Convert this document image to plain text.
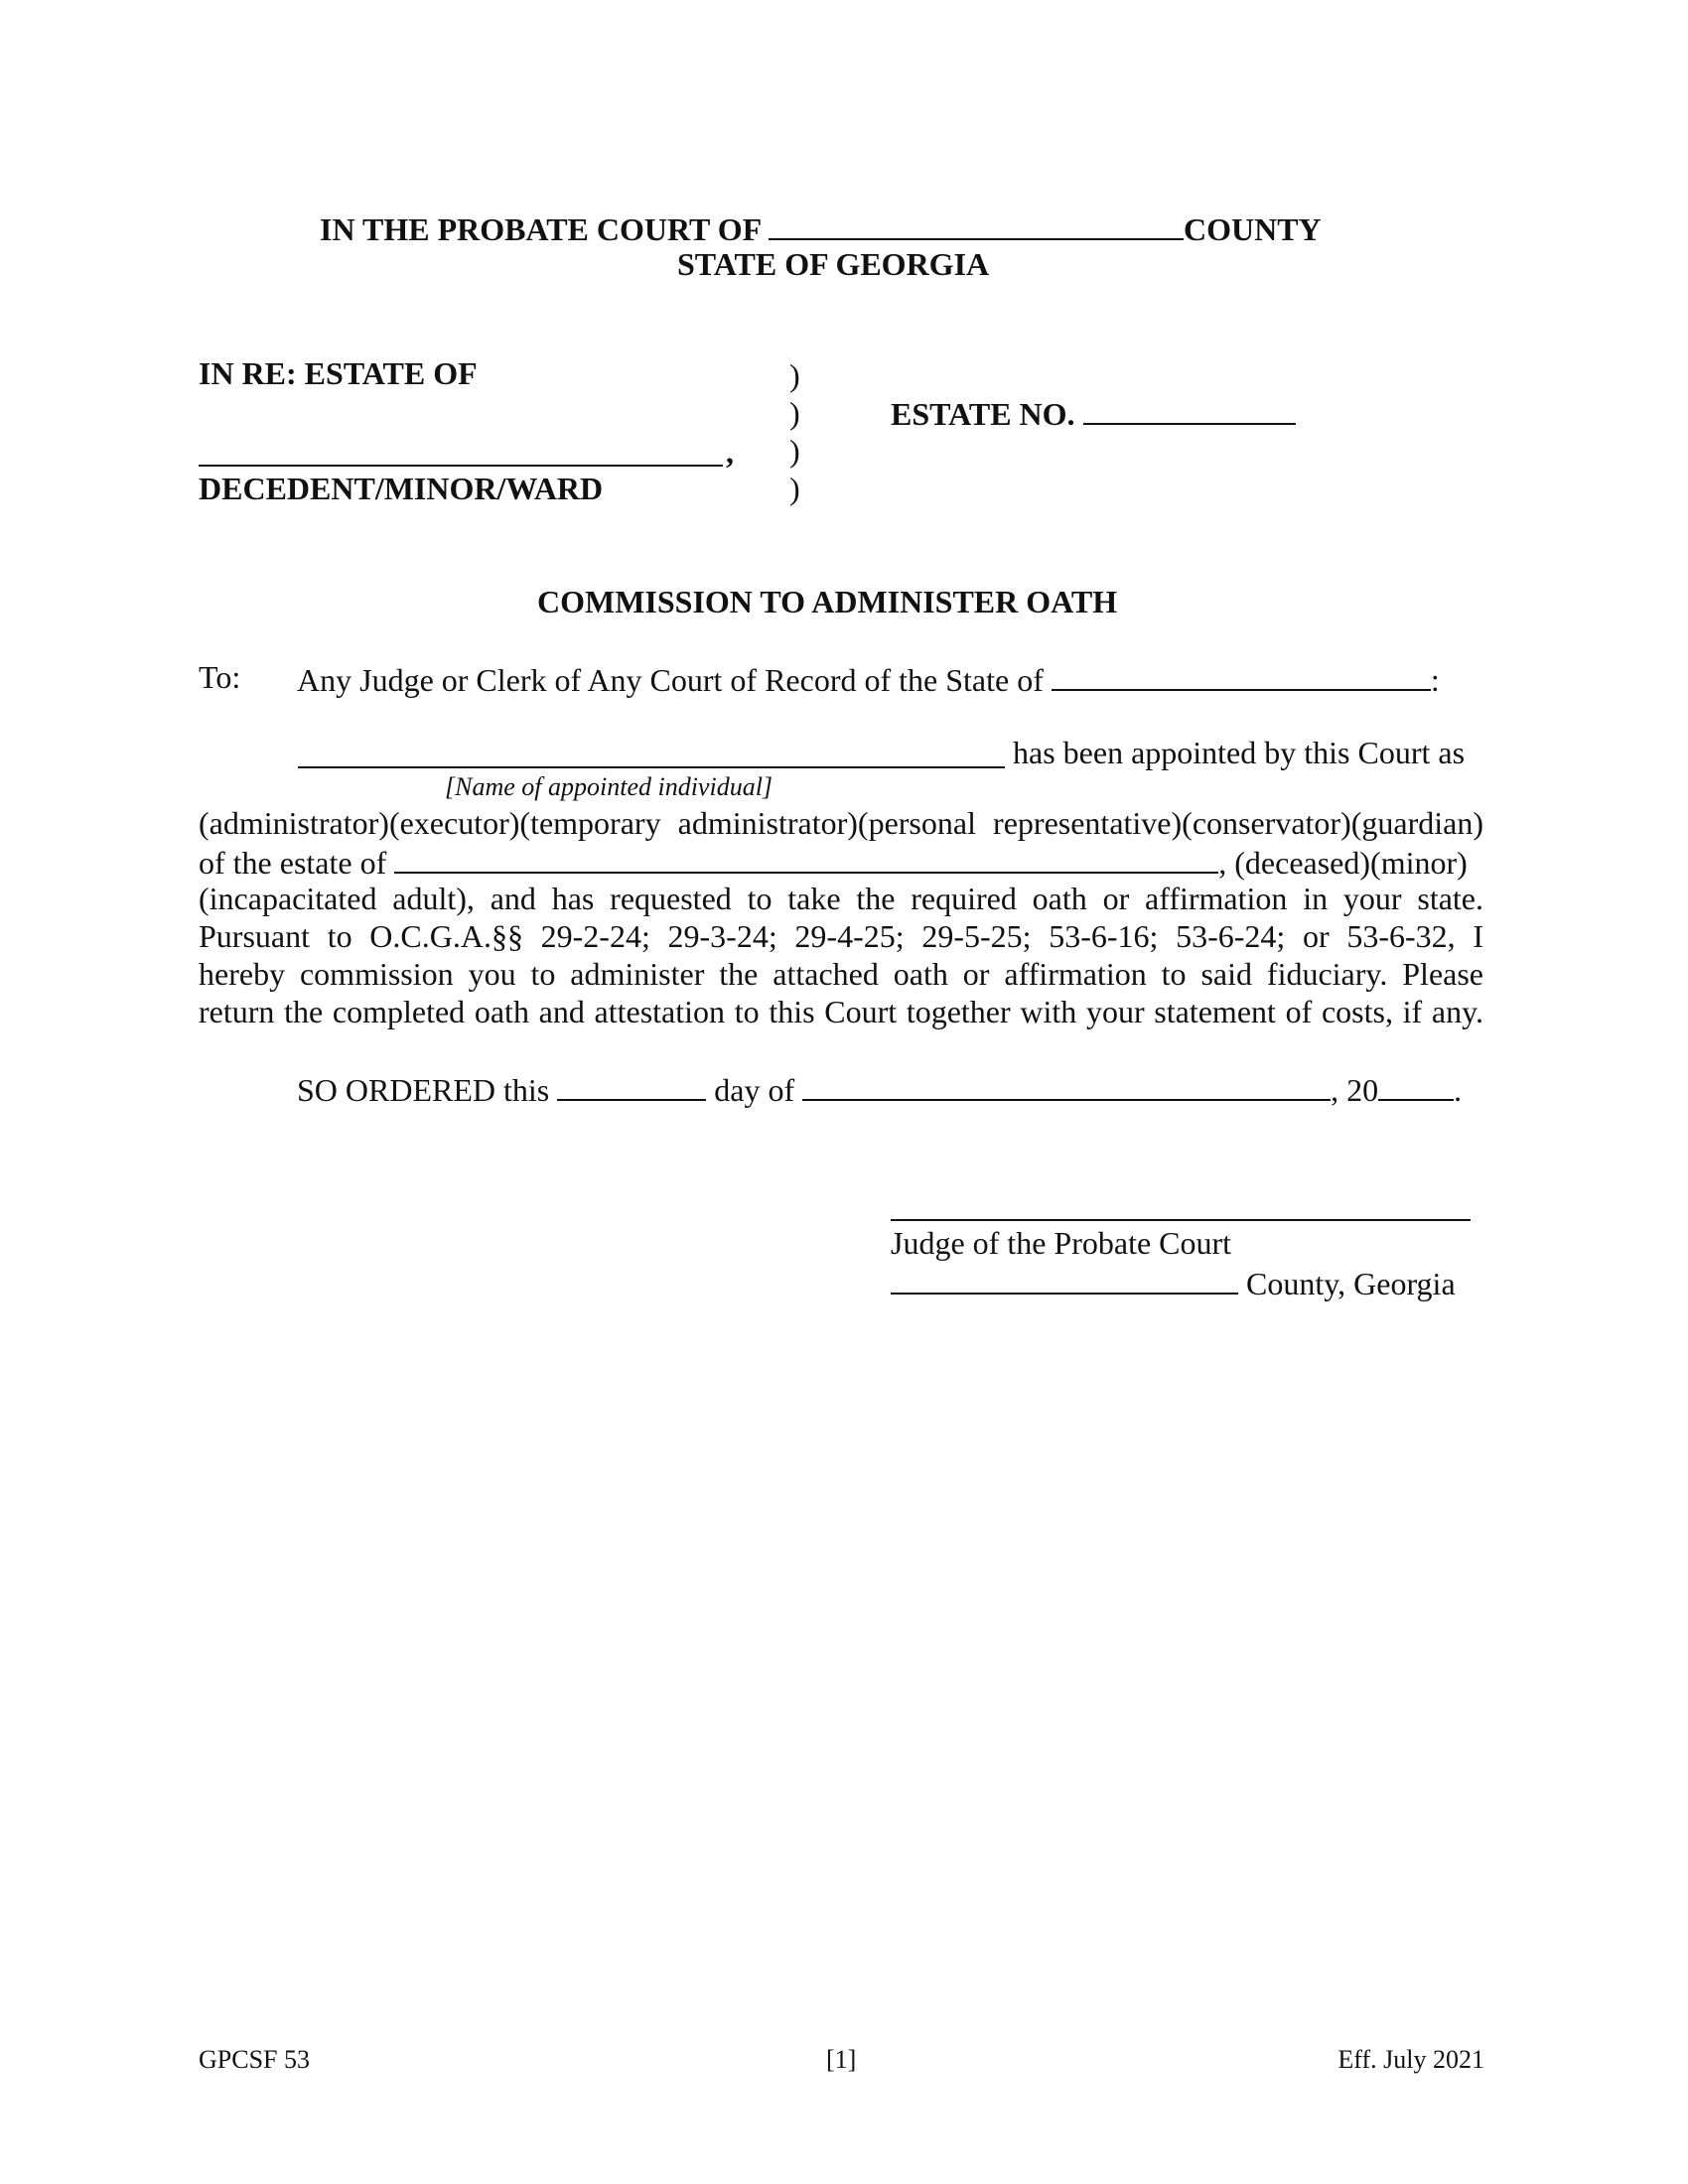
IN THE PROBATE COURT OF	COUNTY
STATE OF GEORGIA
IN RE: ESTATE OF
,
DECEDENT/MINOR/WARD
)
)
)
)
ESTATE NO.
COMMISSION TO ADMINISTER OATH
To: Any Judge or Clerk of Any Court of Record of the State of	:
has been appointed by this Court as
[Name of appointed individual]
(administrator)(executor)(temporary administrator)(personal representative)(conservator)(guardian)
of the estate of	, (deceased)(minor)
(incapacitated adult), and has requested to take the required oath or affirmation in your state.
Pursuant to O.C.G.A.§§ 29-2-24; 29-3-24; 29-4-25; 29-5-25; 53-6-16; 53-6-24; or 53-6-32, I
hereby commission you to administer the attached oath or affirmation to said fiduciary. Please
return the completed oath and attestation to this Court together with your statement of costs, if any.
SO ORDERED this	day of	, 20 .
Judge of the Probate Court
County, Georgia
GPCSF 53	[1]	Eff. July 2021
